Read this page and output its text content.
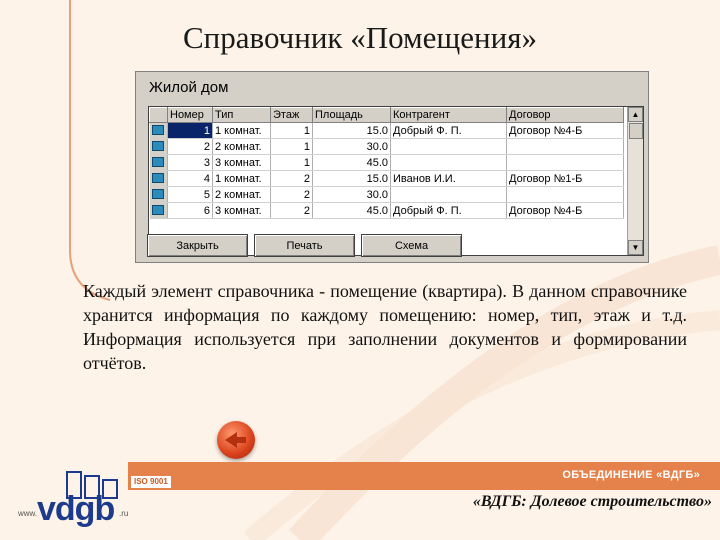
Справочник «Помещения»
Жилой дом
	Номер	Тип	Этаж	Площадь	Контрагент	Договор
	1	1 комнат.	1	15.0	Добрый Ф. П.	Договор №4-Б
	2	2 комнат.	1	30.0		
	3	3 комнат.	1	45.0		
	4	1 комнат.	2	15.0	Иванов И.И.	Договор №1-Б
	5	2 комнат.	2	30.0		
	6	3 комнат.	2	45.0	Добрый Ф. П.	Договор №4-Б
▲
▼
Закрыть	Печать	Схема
Каждый элемент справочника - помещение (квартира). В данном справочнике хранится информация по каждому помещению: номер, тип, этаж и т.д. Информация используется при заполнении документов и формировании отчётов.
ОБЪЕДИНЕНИЕ «ВДГБ»
ISO 9001
www. vdgb .ru
«ВДГБ: Долевое строительство»
